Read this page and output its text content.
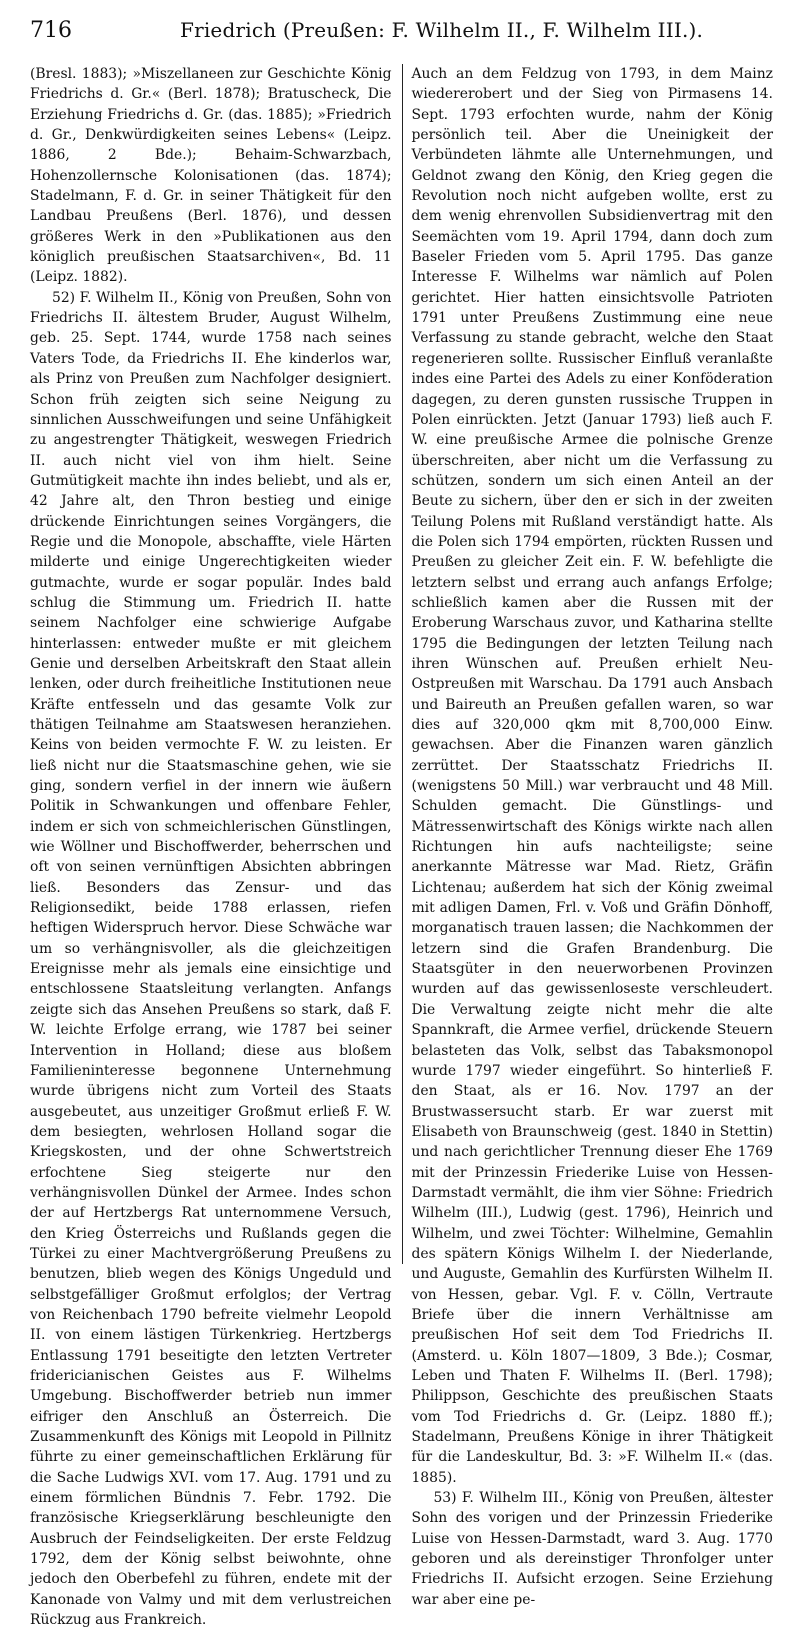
716	Friedrich (Preußen: F. Wilhelm II., F. Wilhelm III.).

(Bresl. 1883); »Miszellaneen zur Geschichte König Friedrichs d. Gr.« (Berl. 1878); Bratuscheck, Die Erziehung Friedrichs d. Gr. (das. 1885); »Friedrich d. Gr., Denkwürdigkeiten seines Lebens« (Leipz. 1886, 2 Bde.); Behaim-Schwarzbach, Hohenzollernsche Kolonisationen (das. 1874); Stadelmann, F. d. Gr. in seiner Thätigkeit für den Landbau Preußens (Berl. 1876), und dessen größeres Werk in den »Publikationen aus den königlich preußischen Staatsarchiven«, Bd. 11 (Leipz. 1882).

52) F. Wilhelm II., König von Preußen, Sohn von Friedrichs II. ältestem Bruder, August Wilhelm, geb. 25. Sept. 1744, wurde 1758 nach seines Vaters Tode, da Friedrichs II. Ehe kinderlos war, als Prinz von Preußen zum Nachfolger designiert. Schon früh zeigten sich seine Neigung zu sinnlichen Ausschweifungen und seine Unfähigkeit zu angestrengter Thätigkeit, weswegen Friedrich II. auch nicht viel von ihm hielt. Seine Gutmütigkeit machte ihn indes beliebt, und als er, 42 Jahre alt, den Thron bestieg und einige drückende Einrichtungen seines Vorgängers, die Regie und die Monopole, abschaffte, viele Härten milderte und einige Ungerechtigkeiten wieder gutmachte, wurde er sogar populär. Indes bald schlug die Stimmung um. Friedrich II. hatte seinem Nachfolger eine schwierige Aufgabe hinterlassen: entweder mußte er mit gleichem Genie und derselben Arbeitskraft den Staat allein lenken, oder durch freiheitliche Institutionen neue Kräfte entfesseln und das gesamte Volk zur thätigen Teilnahme am Staatswesen heranziehen. Keins von beiden vermochte F. W. zu leisten. Er ließ nicht nur die Staatsmaschine gehen, wie sie ging, sondern verfiel in der innern wie äußern Politik in Schwankungen und offenbare Fehler, indem er sich von schmeichlerischen Günstlingen, wie Wöllner und Bischoffwerder, beherrschen und oft von seinen vernünftigen Absichten abbringen ließ. Besonders das Zensur- und das Religionsedikt, beide 1788 erlassen, riefen heftigen Widerspruch hervor. Diese Schwäche war um so verhängnisvoller, als die gleichzeitigen Ereignisse mehr als jemals eine einsichtige und entschlossene Staatsleitung verlangten. Anfangs zeigte sich das Ansehen Preußens so stark, daß F. W. leichte Erfolge errang, wie 1787 bei seiner Intervention in Holland; diese aus bloßem Familieninteresse begonnene Unternehmung wurde übrigens nicht zum Vorteil des Staats ausgebeutet, aus unzeitiger Großmut erließ F. W. dem besiegten, wehrlosen Holland sogar die Kriegskosten, und der ohne Schwertstreich erfochtene Sieg steigerte nur den verhängnisvollen Dünkel der Armee. Indes schon der auf Hertzbergs Rat unternommene Versuch, den Krieg Österreichs und Rußlands gegen die Türkei zu einer Machtvergrößerung Preußens zu benutzen, blieb wegen des Königs Ungeduld und selbstgefälliger Großmut erfolglos; der Vertrag von Reichenbach 1790 befreite vielmehr Leopold II. von einem lästigen Türkenkrieg. Hertzbergs Entlassung 1791 beseitigte den letzten Vertreter fridericianischen Geistes aus F. Wilhelms Umgebung. Bischoffwerder betrieb nun immer eifriger den Anschluß an Österreich. Die Zusammenkunft des Königs mit Leopold in Pillnitz führte zu einer gemeinschaftlichen Erklärung für die Sache Ludwigs XVI. vom 17. Aug. 1791 und zu einem förmlichen Bündnis 7. Febr. 1792. Die französische Kriegserklärung beschleunigte den Ausbruch der Feindseligkeiten. Der erste Feldzug 1792, dem der König selbst beiwohnte, ohne jedoch den Oberbefehl zu führen, endete mit der Kanonade von Valmy und mit dem verlustreichen Rückzug aus Frankreich.

Auch an dem Feldzug von 1793, in dem Mainz wiedererobert und der Sieg von Pirmasens 14. Sept. 1793 erfochten wurde, nahm der König persönlich teil. Aber die Uneinigkeit der Verbündeten lähmte alle Unternehmungen, und Geldnot zwang den König, den Krieg gegen die Revolution noch nicht aufgeben wollte, erst zu dem wenig ehrenvollen Subsidienvertrag mit den Seemächten vom 19. April 1794, dann doch zum Baseler Frieden vom 5. April 1795. Das ganze Interesse F. Wilhelms war nämlich auf Polen gerichtet. Hier hatten einsichtsvolle Patrioten 1791 unter Preußens Zustimmung eine neue Verfassung zu stande gebracht, welche den Staat regenerieren sollte. Russischer Einfluß veranlaßte indes eine Partei des Adels zu einer Konföderation dagegen, zu deren gunsten russische Truppen in Polen einrückten. Jetzt (Januar 1793) ließ auch F. W. eine preußische Armee die polnische Grenze überschreiten, aber nicht um die Verfassung zu schützen, sondern um sich einen Anteil an der Beute zu sichern, über den er sich in der zweiten Teilung Polens mit Rußland verständigt hatte. Als die Polen sich 1794 empörten, rückten Russen und Preußen zu gleicher Zeit ein. F. W. befehligte die letztern selbst und errang auch anfangs Erfolge; schließlich kamen aber die Russen mit der Eroberung Warschaus zuvor, und Katharina stellte 1795 die Bedingungen der letzten Teilung nach ihren Wünschen auf. Preußen erhielt Neu-Ostpreußen mit Warschau. Da 1791 auch Ansbach und Baireuth an Preußen gefallen waren, so war dies auf 320,000 qkm mit 8,700,000 Einw. gewachsen. Aber die Finanzen waren gänzlich zerrüttet. Der Staatsschatz Friedrichs II. (wenigstens 50 Mill.) war verbraucht und 48 Mill. Schulden gemacht. Die Günstlings- und Mätressenwirtschaft des Königs wirkte nach allen Richtungen hin aufs nachteiligste; seine anerkannte Mätresse war Mad. Rietz, Gräfin Lichtenau; außerdem hat sich der König zweimal mit adligen Damen, Frl. v. Voß und Gräfin Dönhoff, morganatisch trauen lassen; die Nachkommen der letzern sind die Grafen Brandenburg. Die Staatsgüter in den neuerworbenen Provinzen wurden auf das gewissenloseste verschleudert. Die Verwaltung zeigte nicht mehr die alte Spannkraft, die Armee verfiel, drückende Steuern belasteten das Volk, selbst das Tabaksmonopol wurde 1797 wieder eingeführt. So hinterließ F. den Staat, als er 16. Nov. 1797 an der Brustwassersucht starb. Er war zuerst mit Elisabeth von Braunschweig (gest. 1840 in Stettin) und nach gerichtlicher Trennung dieser Ehe 1769 mit der Prinzessin Friederike Luise von Hessen-Darmstadt vermählt, die ihm vier Söhne: Friedrich Wilhelm (III.), Ludwig (gest. 1796), Heinrich und Wilhelm, und zwei Töchter: Wilhelmine, Gemahlin des spätern Königs Wilhelm I. der Niederlande, und Auguste, Gemahlin des Kurfürsten Wilhelm II. von Hessen, gebar. Vgl. F. v. Cölln, Vertraute Briefe über die innern Verhältnisse am preußischen Hof seit dem Tod Friedrichs II. (Amsterd. u. Köln 1807—1809, 3 Bde.); Cosmar, Leben und Thaten F. Wilhelms II. (Berl. 1798); Philippson, Geschichte des preußischen Staats vom Tod Friedrichs d. Gr. (Leipz. 1880 ff.); Stadelmann, Preußens Könige in ihrer Thätigkeit für die Landeskultur, Bd. 3: »F. Wilhelm II.« (das. 1885).

53) F. Wilhelm III., König von Preußen, ältester Sohn des vorigen und der Prinzessin Friederike Luise von Hessen-Darmstadt, ward 3. Aug. 1770 geboren und als dereinstiger Thronfolger unter Friedrichs II. Aufsicht erzogen. Seine Erziehung war aber eine pe-
